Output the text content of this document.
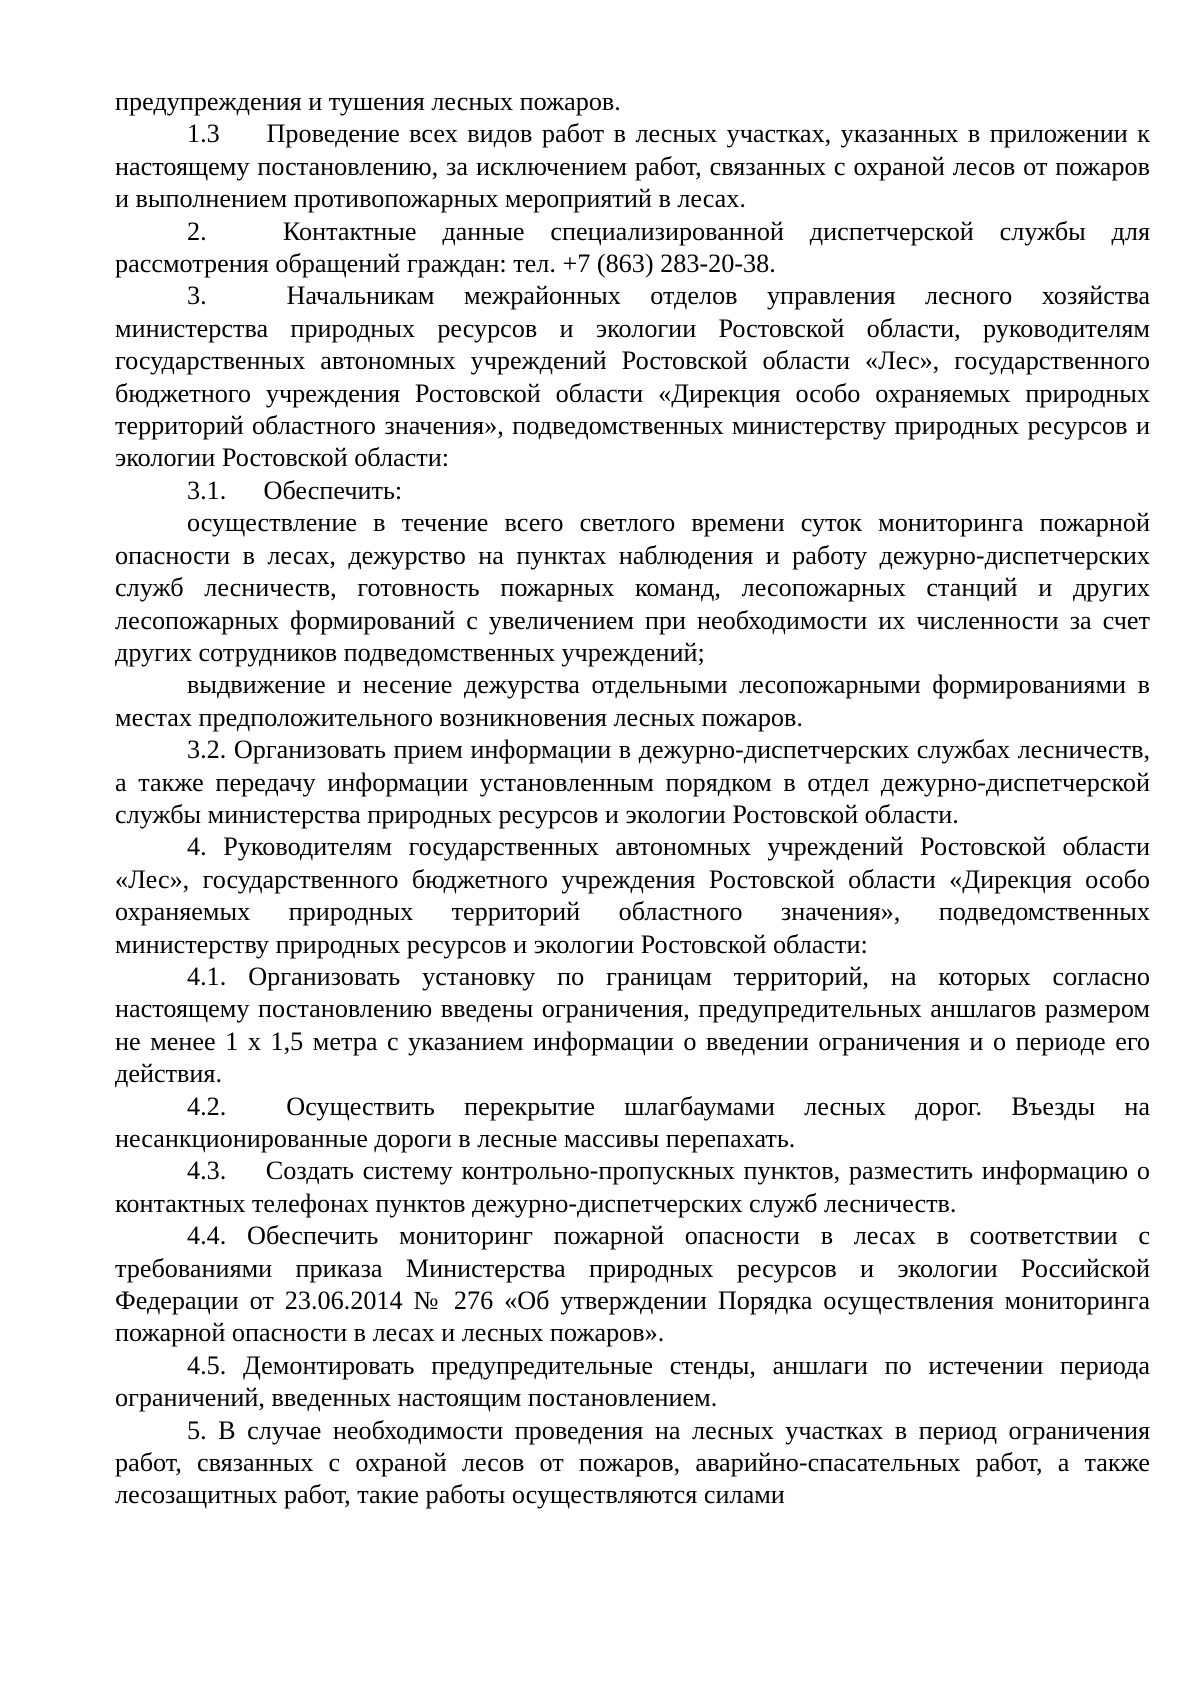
предупреждения и тушения лесных пожаров.

1.3 Проведение всех видов работ в лесных участках, указанных в приложении к настоящему постановлению, за исключением работ, связанных с охраной лесов от пожаров и выполнением противопожарных мероприятий в лесах.

2.	Контактные данные специализированной диспетчерской службы для рассмотрения обращений граждан: тел. +7 (863) 283-20-38.

3.	Начальникам межрайонных отделов управления лесного хозяйства министерства природных ресурсов и экологии Ростовской области, руководителям государственных автономных учреждений Ростовской области «Лес», государственного бюджетного учреждения Ростовской области «Дирекция особо охраняемых природных территорий областного значения», подведомственных министерству природных ресурсов и экологии Ростовской области:

3.1. Обеспечить:

осуществление в течение всего светлого времени суток мониторинга пожарной опасности в лесах, дежурство на пунктах наблюдения и работу дежурно-диспетчерских служб лесничеств, готовность пожарных команд, лесопожарных станций и других лесопожарных формирований с увеличением при необходимости их численности за счет других сотрудников подведомственных учреждений;

выдвижение и несение дежурства отдельными лесопожарными формированиями в местах предположительного возникновения лесных пожаров.

3.2. Организовать прием информации в дежурно-диспетчерских службах лесничеств, а также передачу информации установленным порядком в отдел дежурно-диспетчерской службы министерства природных ресурсов и экологии Ростовской области.

4. Руководителям государственных автономных учреждений Ростовской области «Лес», государственного бюджетного учреждения Ростовской области «Дирекция особо охраняемых природных территорий областного значения», подведомственных министерству природных ресурсов и экологии Ростовской области:

4.1. Организовать установку по границам территорий, на которых согласно настоящему постановлению введены ограничения, предупредительных аншлагов размером не менее 1 х 1,5 метра с указанием информации о введении ограничения и о периоде его действия.

4.2. Осуществить перекрытие шлагбаумами лесных дорог. Въезды на несанкционированные дороги в лесные массивы перепахать.

4.3. Создать систему контрольно-пропускных пунктов, разместить информацию о контактных телефонах пунктов дежурно-диспетчерских служб лесничеств.

4.4. Обеспечить мониторинг пожарной опасности в лесах в соответствии с требованиями приказа Министерства природных ресурсов и экологии Российской Федерации от 23.06.2014 № 276 «Об утверждении Порядка осуществления мониторинга пожарной опасности в лесах и лесных пожаров».

4.5. Демонтировать предупредительные стенды, аншлаги по истечении периода ограничений, введенных настоящим постановлением.

5. В случае необходимости проведения на лесных участках в период ограничения работ, связанных с охраной лесов от пожаров, аварийно-спасательных работ, а также лесозащитных работ, такие работы осуществляются силами
